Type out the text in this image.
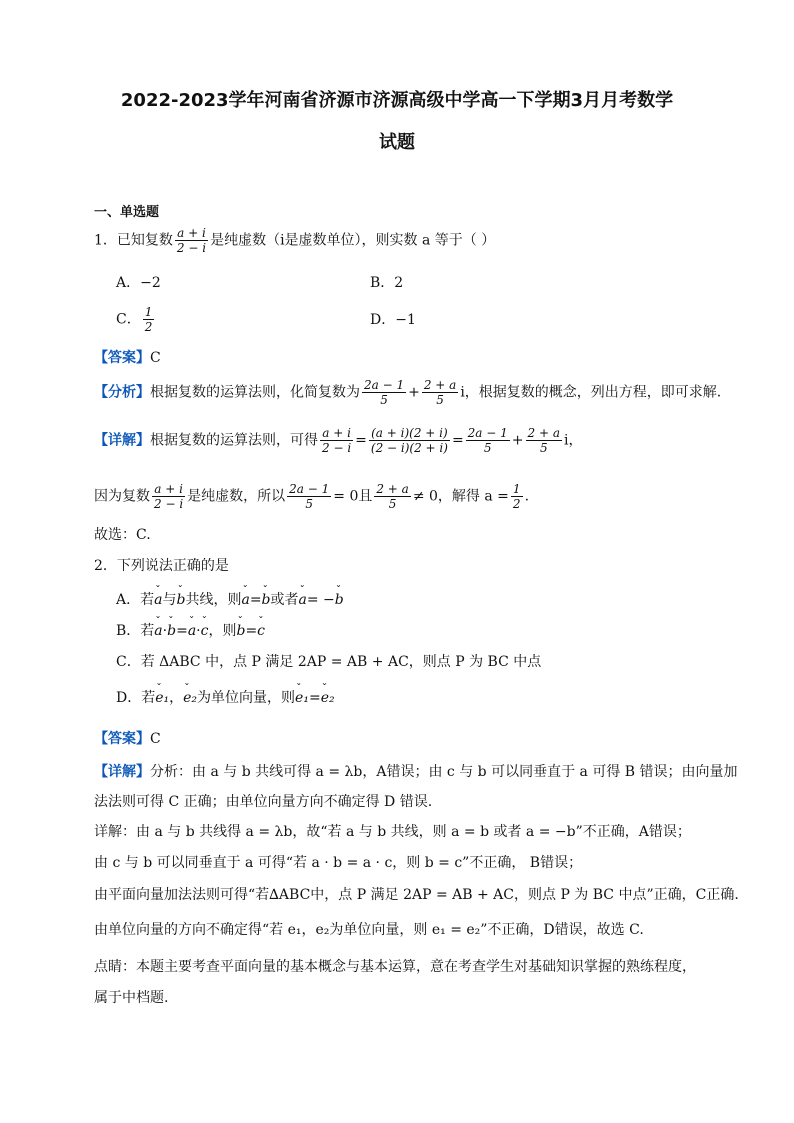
2022-2023学年河南省济源市济源高级中学高一下学期3月月考数学
试题
一、单选题
1．已知复数 $\frac{a + i}{2 - i}$ 是纯虚数（i是虚数单位），则实数 a 等于（ ）
A．−2	B．2
C． $\frac{1}{2}$	D．−1
【答案】C
【分析】根据复数的运算法则，化简复数为 $\frac{2a - 1}{5} + \frac{2 + a}{5}$ i，根据复数的概念，列出方程，即可求解.
【详解】根据复数的运算法则，可得 $\frac{a + i}{2 - i} = \frac{(a + i)(2 + i)}{(2 - i)(2 + i)} = \frac{2a - 1}{5} + \frac{2 + a}{5}$ i，
因为复数 $\frac{a + i}{2 - i}$ 是纯虚数，所以 $\frac{2a - 1}{5} = 0$且 $\frac{2 + a}{5} \ne 0$，解得 $a = \frac{1}{2}$ .
故选：C.
2．下列说法正确的是
A．若ˇ a与ˇ b共线，则ˇ a=ˇ b或者ˇ a= −ˇ b
B．若ˇ a·ˇ b=ˇ a·ˇ c，则ˇ b=ˇ c
C．若 ΔABC 中，点 P 满足 2AP = AB + AC，则点 P 为 BC 中点
D．若ˇ e₁，ˇ e₂为单位向量，则ˇ e₁=ˇ e₂
【答案】C
【详解】分析：由 a 与 b 共线可得 a = λb，A错误；由 c 与 b 可以同垂直于 a 可得 B 错误；由向量加
法法则可得 C 正确；由单位向量方向不确定得 D 错误.
详解：由 a 与 b 共线得 a = λb，故“若 a 与 b 共线，则 a = b 或者 a = −b”不正确，A错误；
由 c 与 b 可以同垂直于 a 可得“若 a · b = a · c，则 b = c”不正确， B错误；
由平面向量加法法则可得“若∆ABC中，点 P 满足 2AP = AB + AC，则点 P 为 BC 中点”正确，C正确.
由单位向量的方向不确定得“若 e₁，e₂为单位向量，则 e₁ = e₂”不正确，D错误，故选 C.
点睛：本题主要考查平面向量的基本概念与基本运算，意在考查学生对基础知识掌握的熟练程度，
属于中档题.
